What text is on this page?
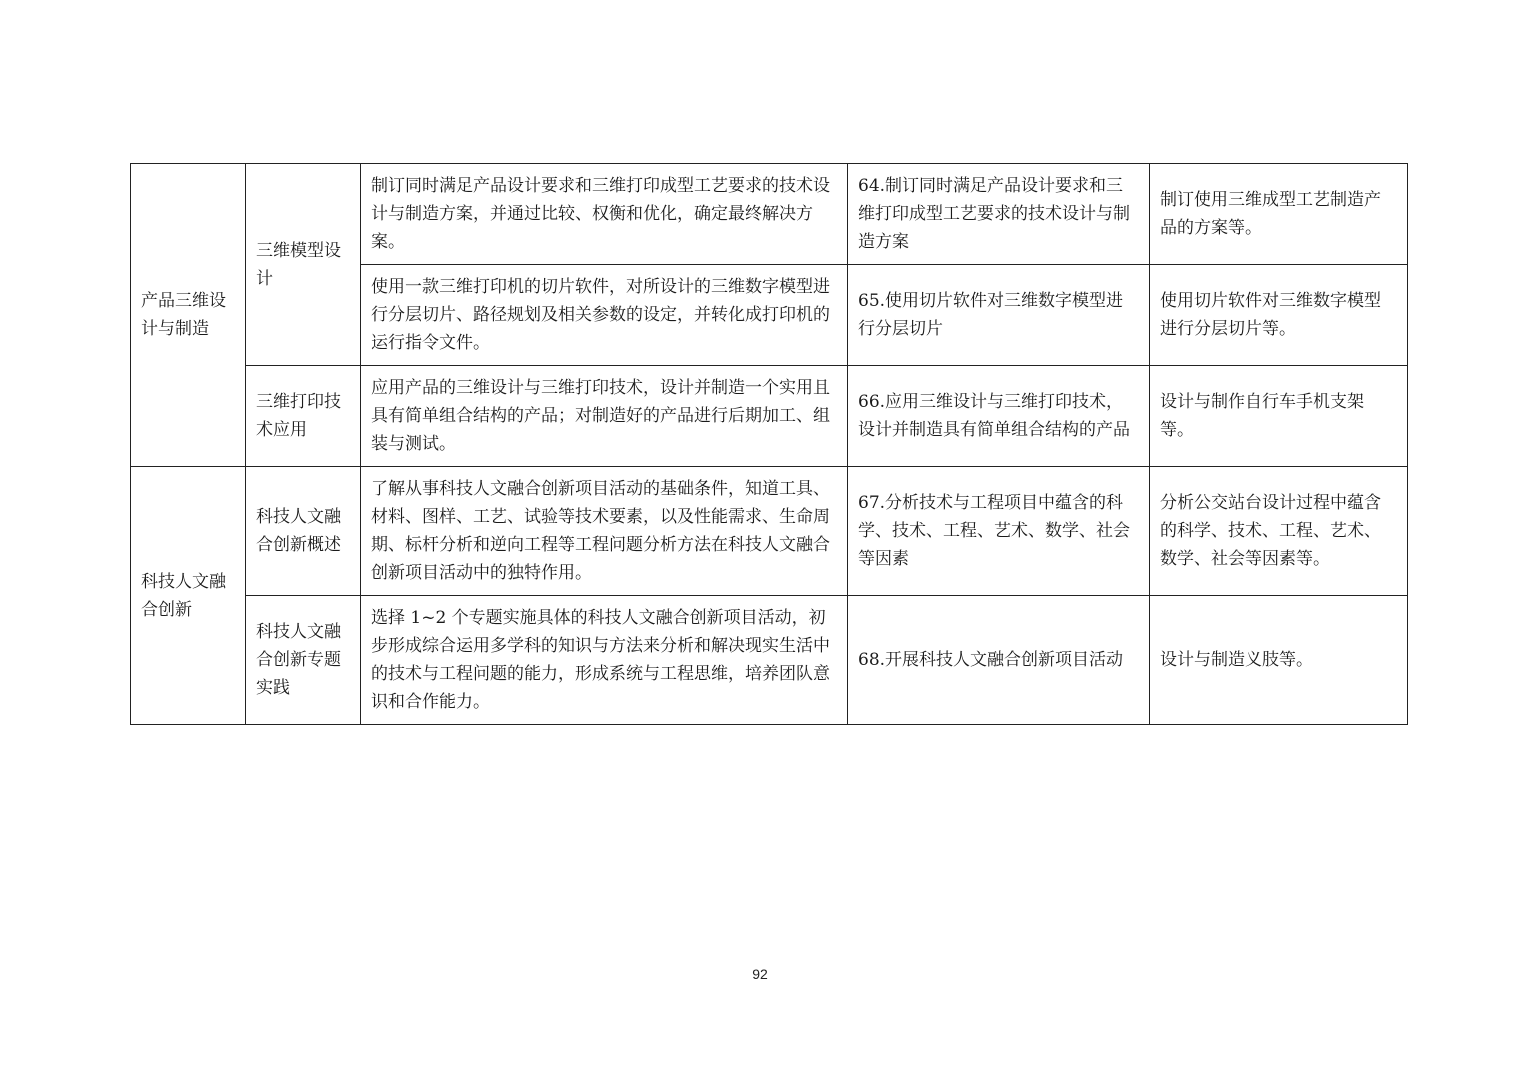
产品三维设计与制造	三维模型设计	制订同时满足产品设计要求和三维打印成型工艺要求的技术设计与制造方案，并通过比较、权衡和优化，确定最终解决方案。	64.制订同时满足产品设计要求和三维打印成型工艺要求的技术设计与制造方案	制订使用三维成型工艺制造产品的方案等。
		使用一款三维打印机的切片软件，对所设计的三维数字模型进行分层切片、路径规划及相关参数的设定，并转化成打印机的运行指令文件。	65.使用切片软件对三维数字模型进行分层切片	使用切片软件对三维数字模型进行分层切片等。
	三维打印技术应用	应用产品的三维设计与三维打印技术，设计并制造一个实用且具有简单组合结构的产品；对制造好的产品进行后期加工、组装与测试。	66.应用三维设计与三维打印技术，设计并制造具有简单组合结构的产品	设计与制作自行车手机支架等。
科技人文融合创新	科技人文融合创新概述	了解从事科技人文融合创新项目活动的基础条件，知道工具、材料、图样、工艺、试验等技术要素，以及性能需求、生命周期、标杆分析和逆向工程等工程问题分析方法在科技人文融合创新项目活动中的独特作用。	67.分析技术与工程项目中蕴含的科学、技术、工程、艺术、数学、社会等因素	分析公交站台设计过程中蕴含的科学、技术、工程、艺术、数学、社会等因素等。
	科技人文融合创新专题实践	选择 1~2 个专题实施具体的科技人文融合创新项目活动，初步形成综合运用多学科的知识与方法来分析和解决现实生活中的技术与工程问题的能力，形成系统与工程思维，培养团队意识和合作能力。	68.开展科技人文融合创新项目活动	设计与制造义肢等。
92
